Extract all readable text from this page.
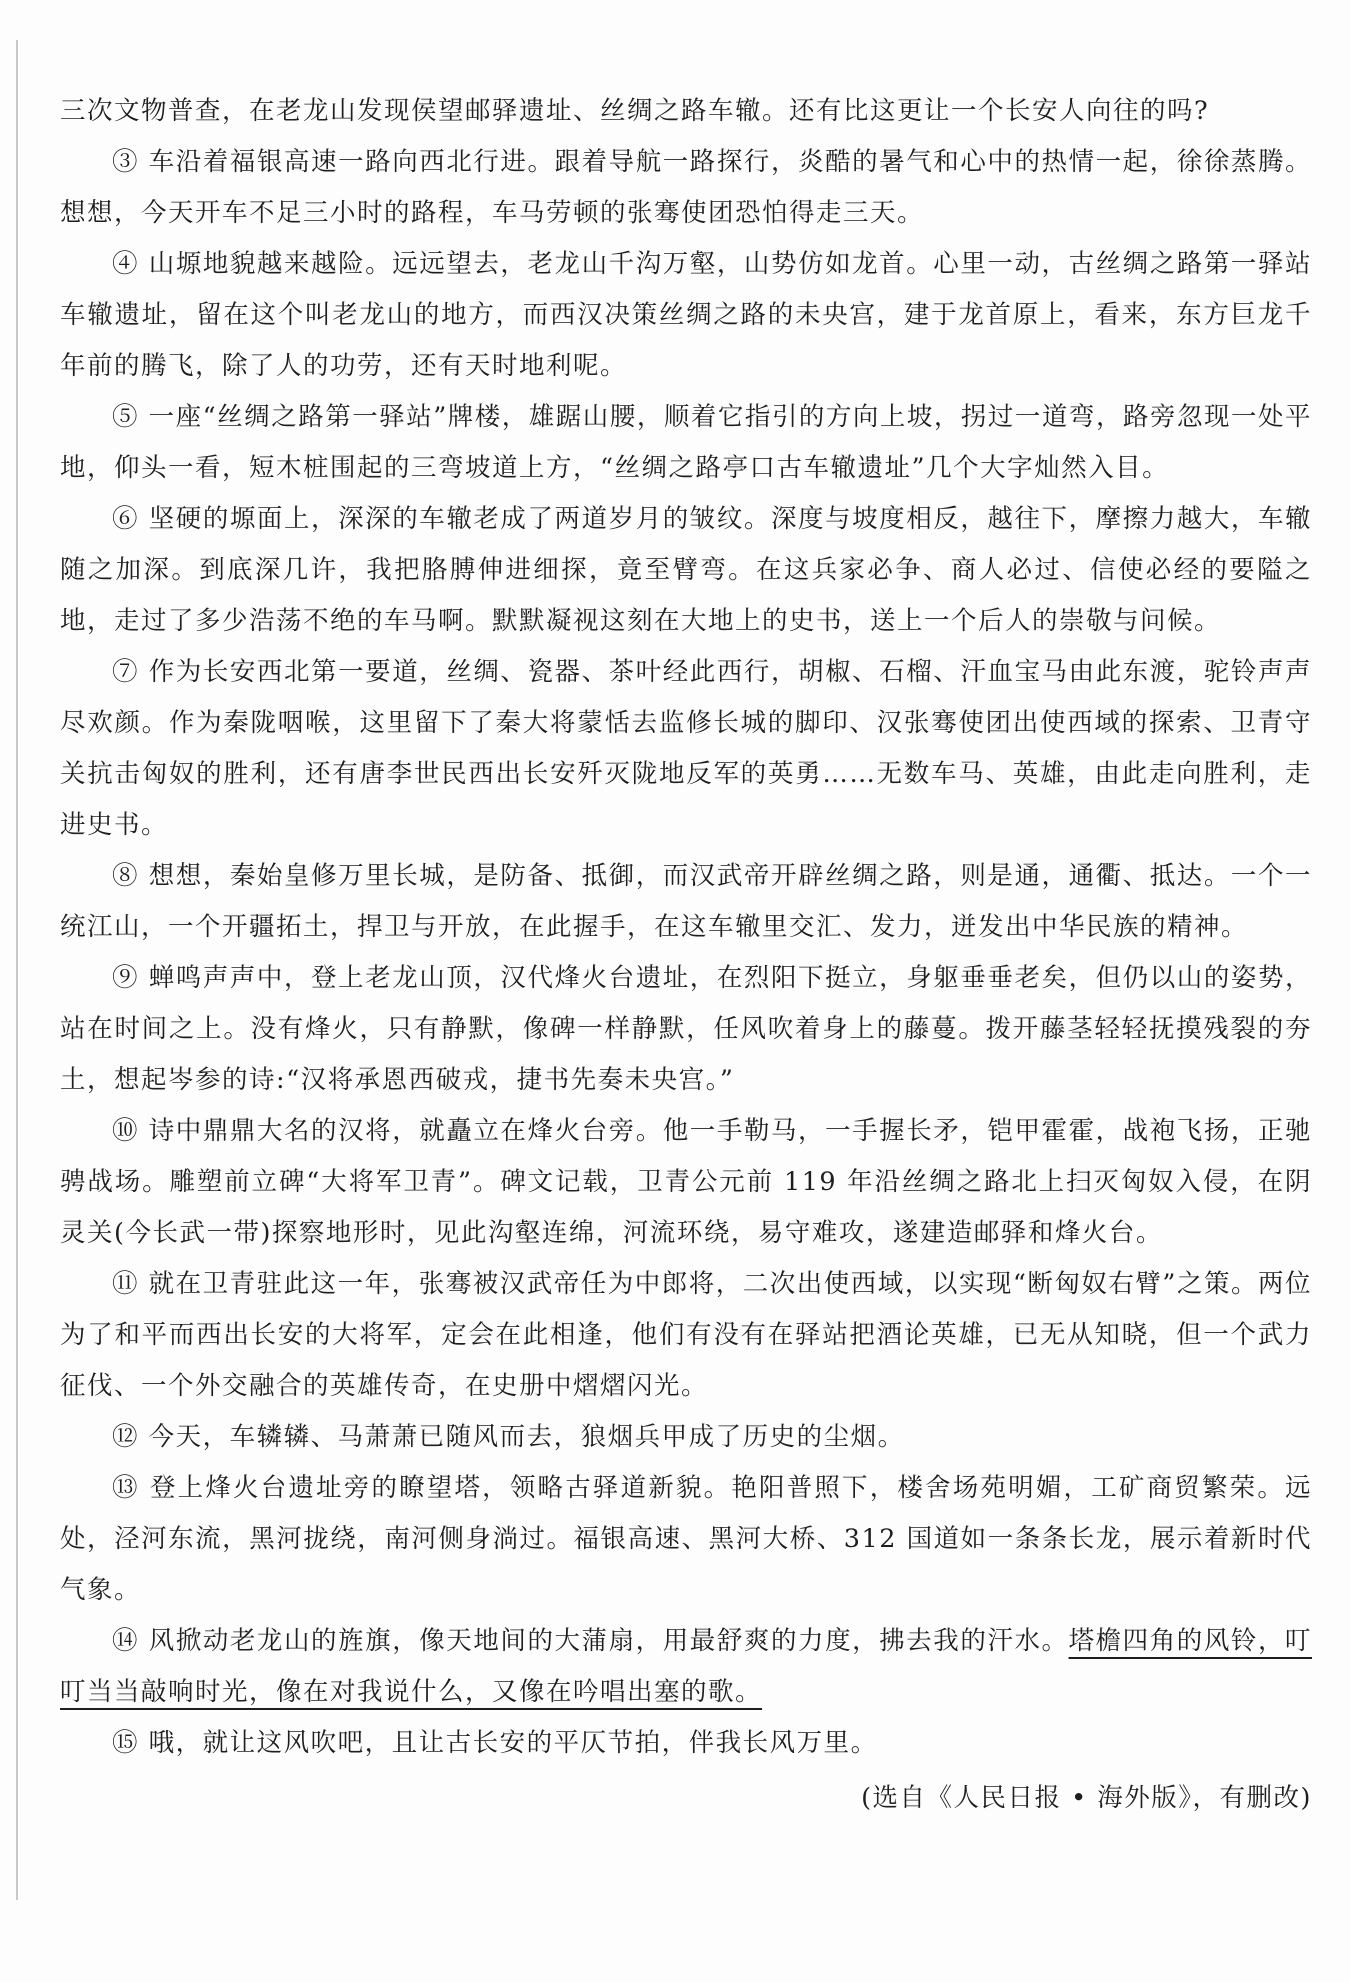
三次文物普查，在老龙山发现侯望邮驿遗址、丝绸之路车辙。还有比这更让一个长安人向往的吗?

③ 车沿着福银高速一路向西北行进。跟着导航一路探行，炎酷的暑气和心中的热情一起，徐徐蒸腾。想想，今天开车不足三小时的路程，车马劳顿的张骞使团恐怕得走三天。

④ 山塬地貌越来越险。远远望去，老龙山千沟万壑，山势仿如龙首。心里一动，古丝绸之路第一驿站车辙遗址，留在这个叫老龙山的地方，而西汉决策丝绸之路的未央宫，建于龙首原上，看来，东方巨龙千年前的腾飞，除了人的功劳，还有天时地利呢。

⑤ 一座“丝绸之路第一驿站”牌楼，雄踞山腰，顺着它指引的方向上坡，拐过一道弯，路旁忽现一处平地，仰头一看，短木桩围起的三弯坡道上方，“丝绸之路亭口古车辙遗址”几个大字灿然入目。

⑥ 坚硬的塬面上，深深的车辙老成了两道岁月的皱纹。深度与坡度相反，越往下，摩擦力越大，车辙随之加深。到底深几许，我把胳膊伸进细探，竟至臂弯。在这兵家必争、商人必过、信使必经的要隘之地，走过了多少浩荡不绝的车马啊。默默凝视这刻在大地上的史书，送上一个后人的崇敬与问候。

⑦ 作为长安西北第一要道，丝绸、瓷器、茶叶经此西行，胡椒、石榴、汗血宝马由此东渡，驼铃声声尽欢颜。作为秦陇咽喉，这里留下了秦大将蒙恬去监修长城的脚印、汉张骞使团出使西域的探索、卫青守关抗击匈奴的胜利，还有唐李世民西出长安歼灭陇地反军的英勇……无数车马、英雄，由此走向胜利，走进史书。

⑧ 想想，秦始皇修万里长城，是防备、抵御，而汉武帝开辟丝绸之路，则是通，通衢、抵达。一个一统江山，一个开疆拓土，捍卫与开放，在此握手，在这车辙里交汇、发力，迸发出中华民族的精神。

⑨ 蝉鸣声声中，登上老龙山顶，汉代烽火台遗址，在烈阳下挺立，身躯垂垂老矣，但仍以山的姿势，站在时间之上。没有烽火，只有静默，像碑一样静默，任风吹着身上的藤蔓。拨开藤茎轻轻抚摸残裂的夯土，想起岑参的诗:“汉将承恩西破戎，捷书先奏未央宫。”

⑩ 诗中鼎鼎大名的汉将，就矗立在烽火台旁。他一手勒马，一手握长矛，铠甲霍霍，战袍飞扬，正驰骋战场。雕塑前立碑“大将军卫青”。碑文记载，卫青公元前 119 年沿丝绸之路北上扫灭匈奴入侵，在阴灵关(今长武一带)探察地形时，见此沟壑连绵，河流环绕，易守难攻，遂建造邮驿和烽火台。

⑪ 就在卫青驻此这一年，张骞被汉武帝任为中郎将，二次出使西域，以实现“断匈奴右臂”之策。两位为了和平而西出长安的大将军，定会在此相逢，他们有没有在驿站把酒论英雄，已无从知晓，但一个武力征伐、一个外交融合的英雄传奇，在史册中熠熠闪光。

⑫ 今天，车辚辚、马萧萧已随风而去，狼烟兵甲成了历史的尘烟。

⑬ 登上烽火台遗址旁的瞭望塔，领略古驿道新貌。艳阳普照下，楼舍场苑明媚，工矿商贸繁荣。远处，泾河东流，黑河拢绕，南河侧身淌过。福银高速、黑河大桥、312 国道如一条条长龙，展示着新时代气象。

⑭ 风掀动老龙山的旌旗，像天地间的大蒲扇，用最舒爽的力度，拂去我的汗水。塔檐四角的风铃，叮叮当当敲响时光，像在对我说什么，又像在吟唱出塞的歌。

⑮ 哦，就让这风吹吧，且让古长安的平仄节拍，伴我长风万里。

(选自《人民日报 • 海外版》，有删改)
